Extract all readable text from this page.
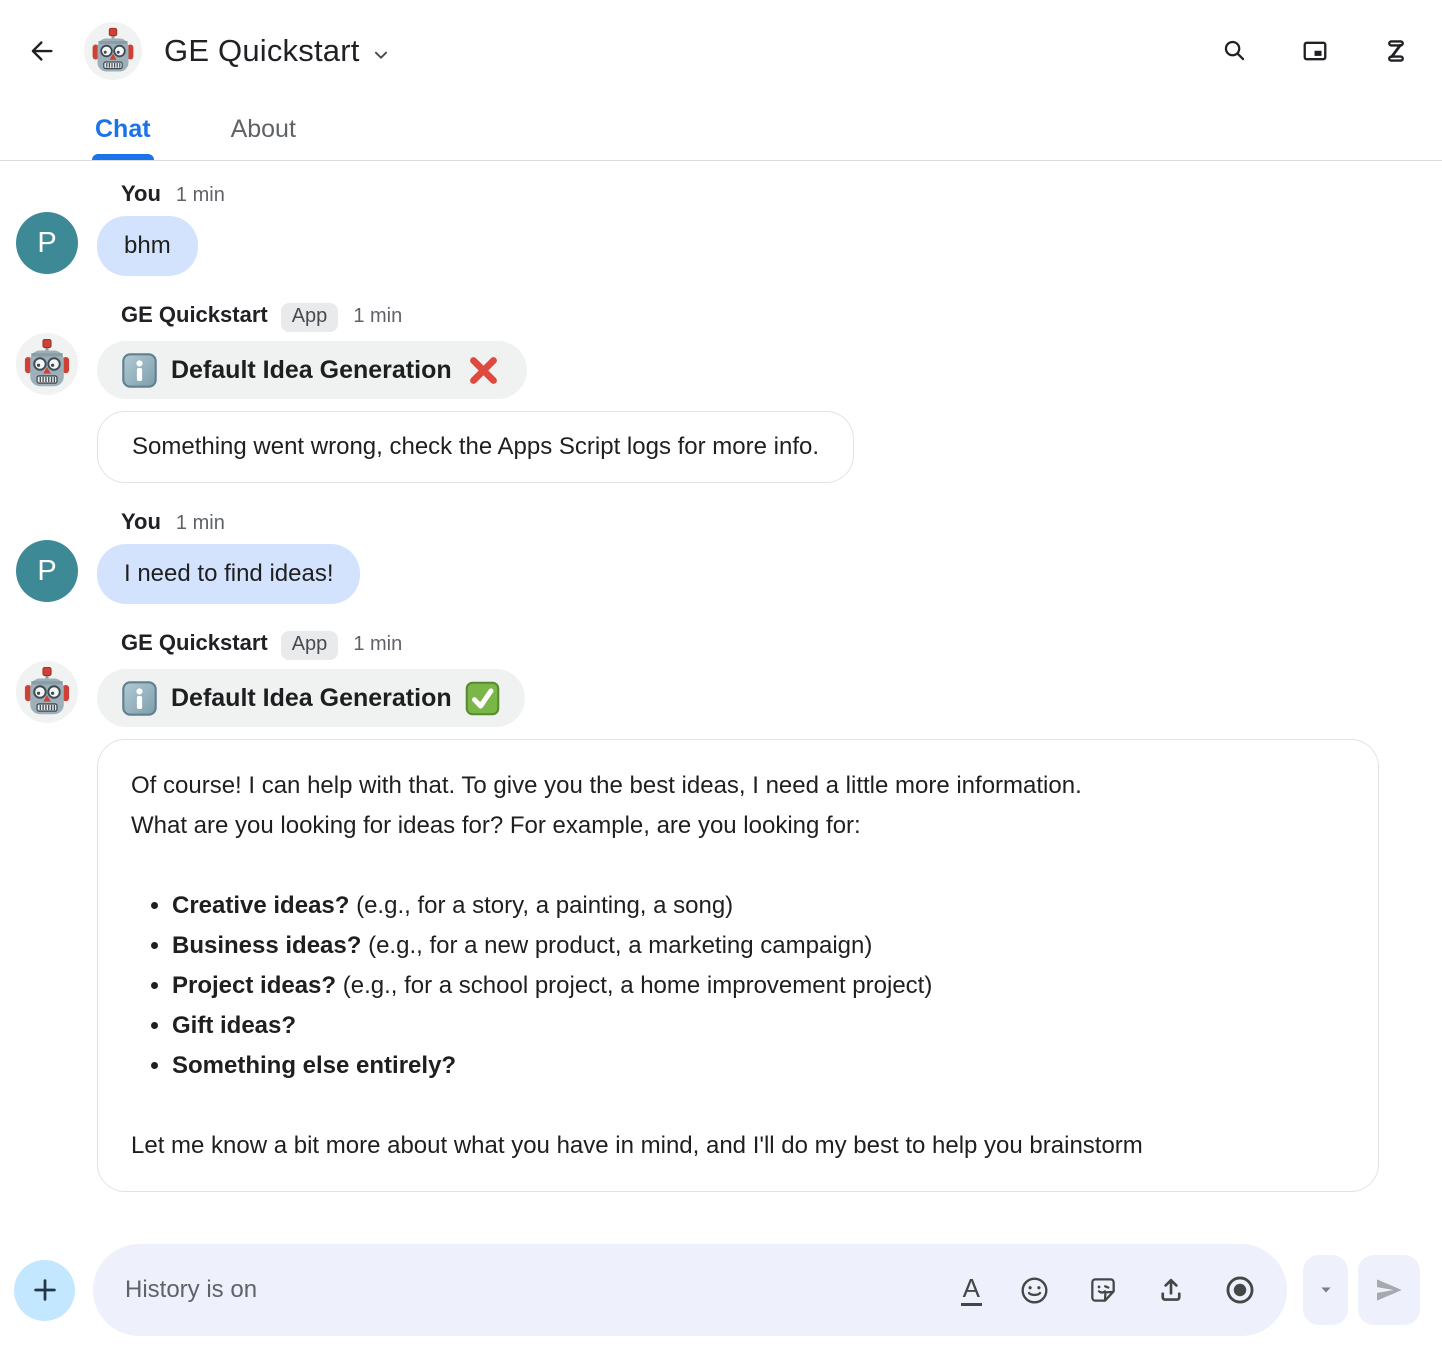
GE Quickstart
Chat	About
P
You 1 min
bhm
GE Quickstart	App	1 min
Default Idea Generation
Something went wrong, check the Apps Script logs for more info.
P
You 1 min
I need to find ideas!
GE Quickstart	App	1 min
Default Idea Generation
Of course! I can help with that. To give you the best ideas, I need a little more information.
What are you looking for ideas for? For example, are you looking for:
• Creative ideas? (e.g., for a story, a painting, a song)
• Business ideas? (e.g., for a new product, a marketing campaign)
• Project ideas? (e.g., for a school project, a home improvement project)
• Gift ideas?
• Something else entirely?
Let me know a bit more about what you have in mind, and I'll do my best to help you brainstorm
History is on
A
